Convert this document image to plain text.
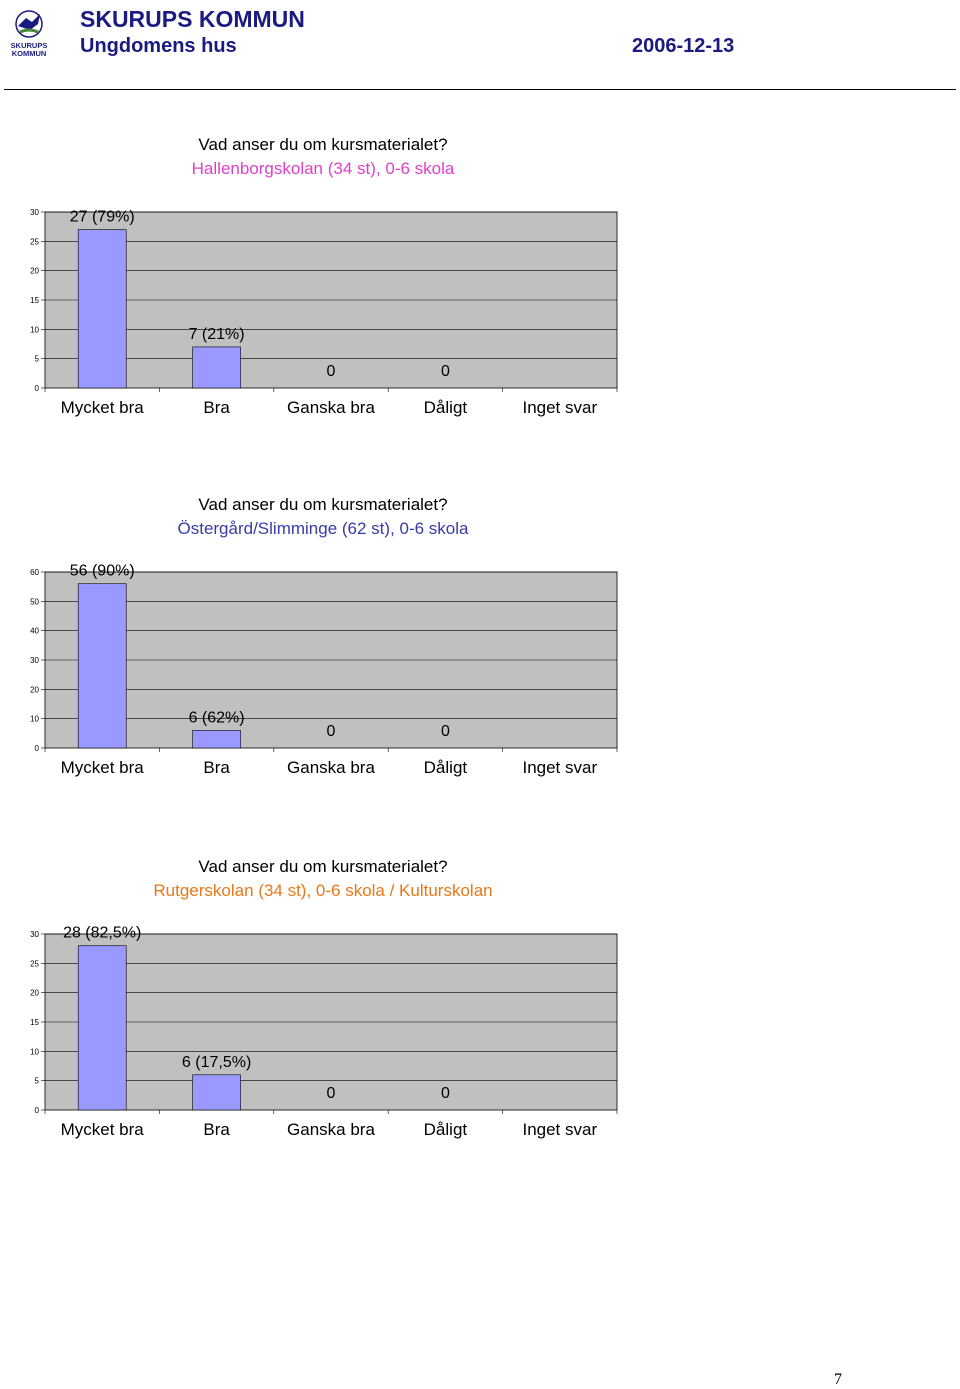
SKURUPS
KOMMUN
SKURUPS KOMMUN
Ungdomens hus	2006-12-13
Vad anser du om kursmaterialet?
Hallenborgskolan (34 st), 0-6 skola
0
5
10
15
20
25
30 27 (79%)
Mycket bra
7 (21%)
Bra
0
Ganska bra
0
Dåligt	Inget svar
Vad anser du om kursmaterialet?
Östergård/Slimminge (62 st), 0-6 skola
0
10
20
30
40
50
60 56 (90%)
Mycket bra
6 (62%)
Bra
0
Ganska bra
0
Dåligt	Inget svar
Vad anser du om kursmaterialet?
Rutgerskolan (34 st), 0-6 skola / Kulturskolan
0
5
10
15
20
25
30 28 (82,5%)
Mycket bra
6 (17,5%)
Bra
0
Ganska bra
0
Dåligt	Inget svar
7
